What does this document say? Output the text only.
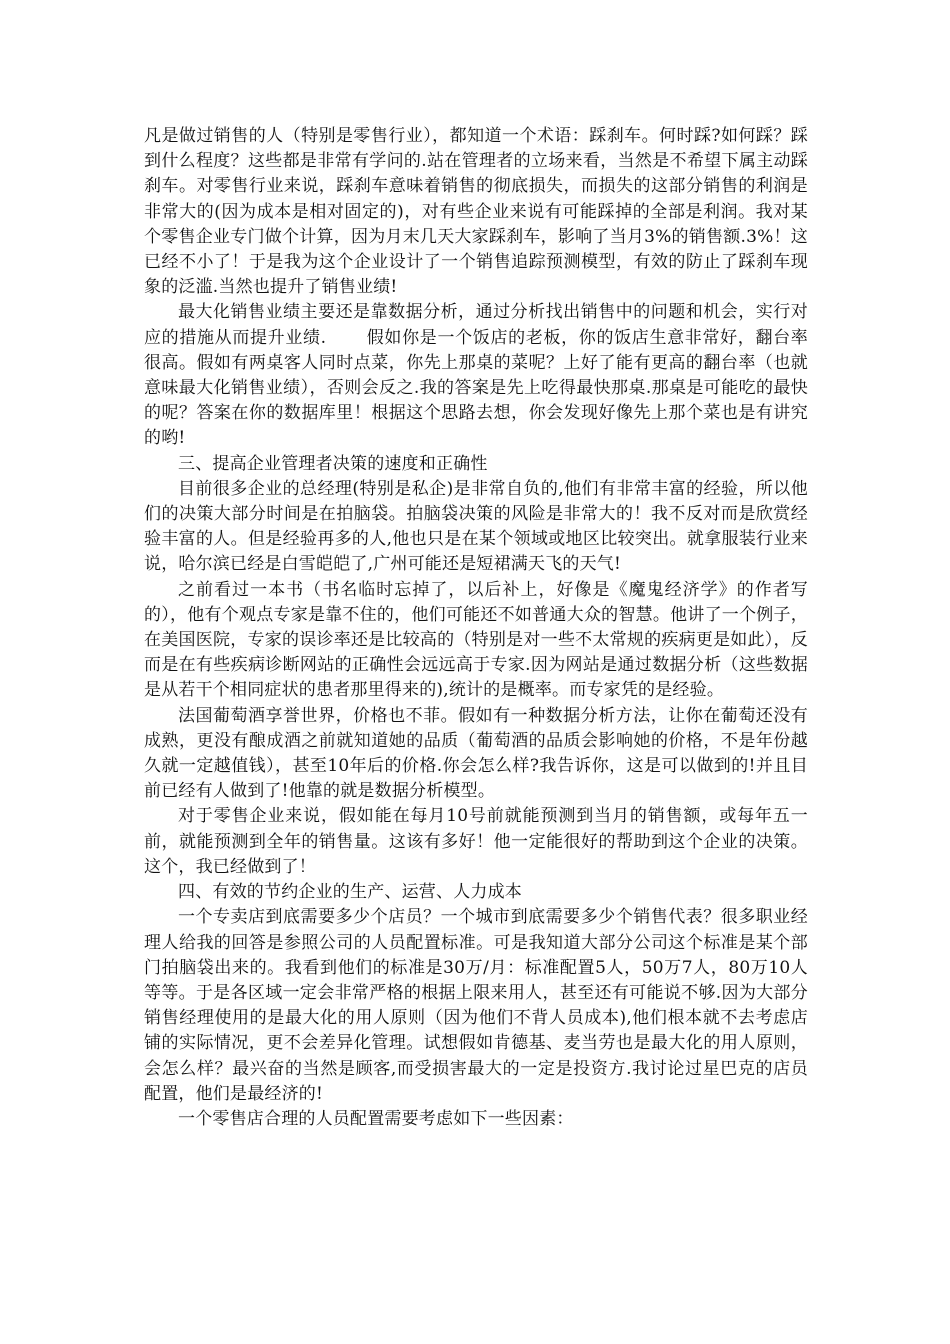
凡是做过销售的人（特别是零售行业），都知道一个术语：踩刹车。何时踩?如何踩？踩到什么程度？这些都是非常有学问的.站在管理者的立场来看，当然是不希望下属主动踩刹车。对零售行业来说，踩刹车意味着销售的彻底损失，而损失的这部分销售的利润是非常大的(因为成本是相对固定的)，对有些企业来说有可能踩掉的全部是利润。我对某个零售企业专门做个计算，因为月末几天大家踩刹车，影响了当月3%的销售额.3%！这已经不小了！于是我为这个企业设计了一个销售追踪预测模型，有效的防止了踩刹车现象的泛滥.当然也提升了销售业绩!

最大化销售业绩主要还是靠数据分析，通过分析找出销售中的问题和机会，实行对应的措施从而提升业绩. 假如你是一个饭店的老板，你的饭店生意非常好，翻台率很高。假如有两桌客人同时点菜，你先上那桌的菜呢？上好了能有更高的翻台率（也就意味最大化销售业绩），否则会反之.我的答案是先上吃得最快那桌.那桌是可能吃的最快的呢？答案在你的数据库里！根据这个思路去想，你会发现好像先上那个菜也是有讲究的哟!

三、提高企业管理者决策的速度和正确性

目前很多企业的总经理(特别是私企)是非常自负的,他们有非常丰富的经验，所以他们的决策大部分时间是在拍脑袋。拍脑袋决策的风险是非常大的！我不反对而是欣赏经验丰富的人。但是经验再多的人,他也只是在某个领域或地区比较突出。就拿服装行业来说，哈尔滨已经是白雪皑皑了,广州可能还是短裙满天飞的天气!

之前看过一本书（书名临时忘掉了，以后补上，好像是《魔鬼经济学》的作者写的），他有个观点专家是靠不住的，他们可能还不如普通大众的智慧。他讲了一个例子，在美国医院，专家的误诊率还是比较高的（特别是对一些不太常规的疾病更是如此），反而是在有些疾病诊断网站的正确性会远远高于专家.因为网站是通过数据分析（这些数据是从若干个相同症状的患者那里得来的),统计的是概率。而专家凭的是经验。

法国葡萄酒享誉世界，价格也不菲。假如有一种数据分析方法，让你在葡萄还没有成熟，更没有酿成酒之前就知道她的品质（葡萄酒的品质会影响她的价格，不是年份越久就一定越值钱），甚至10年后的价格.你会怎么样?我告诉你，这是可以做到的!并且目前已经有人做到了!他靠的就是数据分析模型。

对于零售企业来说，假如能在每月10号前就能预测到当月的销售额，或每年五一前，就能预测到全年的销售量。这该有多好！他一定能很好的帮助到这个企业的决策。这个，我已经做到了！

四、有效的节约企业的生产、运营、人力成本

一个专卖店到底需要多少个店员？一个城市到底需要多少个销售代表？很多职业经理人给我的回答是参照公司的人员配置标准。可是我知道大部分公司这个标准是某个部门拍脑袋出来的。我看到他们的标准是30万/月：标准配置5人，50万7人，80万10人等等。于是各区域一定会非常严格的根据上限来用人，甚至还有可能说不够.因为大部分销售经理使用的是最大化的用人原则（因为他们不背人员成本),他们根本就不去考虑店铺的实际情况，更不会差异化管理。试想假如肯德基、麦当劳也是最大化的用人原则，会怎么样？最兴奋的当然是顾客,而受损害最大的一定是投资方.我讨论过星巴克的店员配置，他们是最经济的!

一个零售店合理的人员配置需要考虑如下一些因素：
